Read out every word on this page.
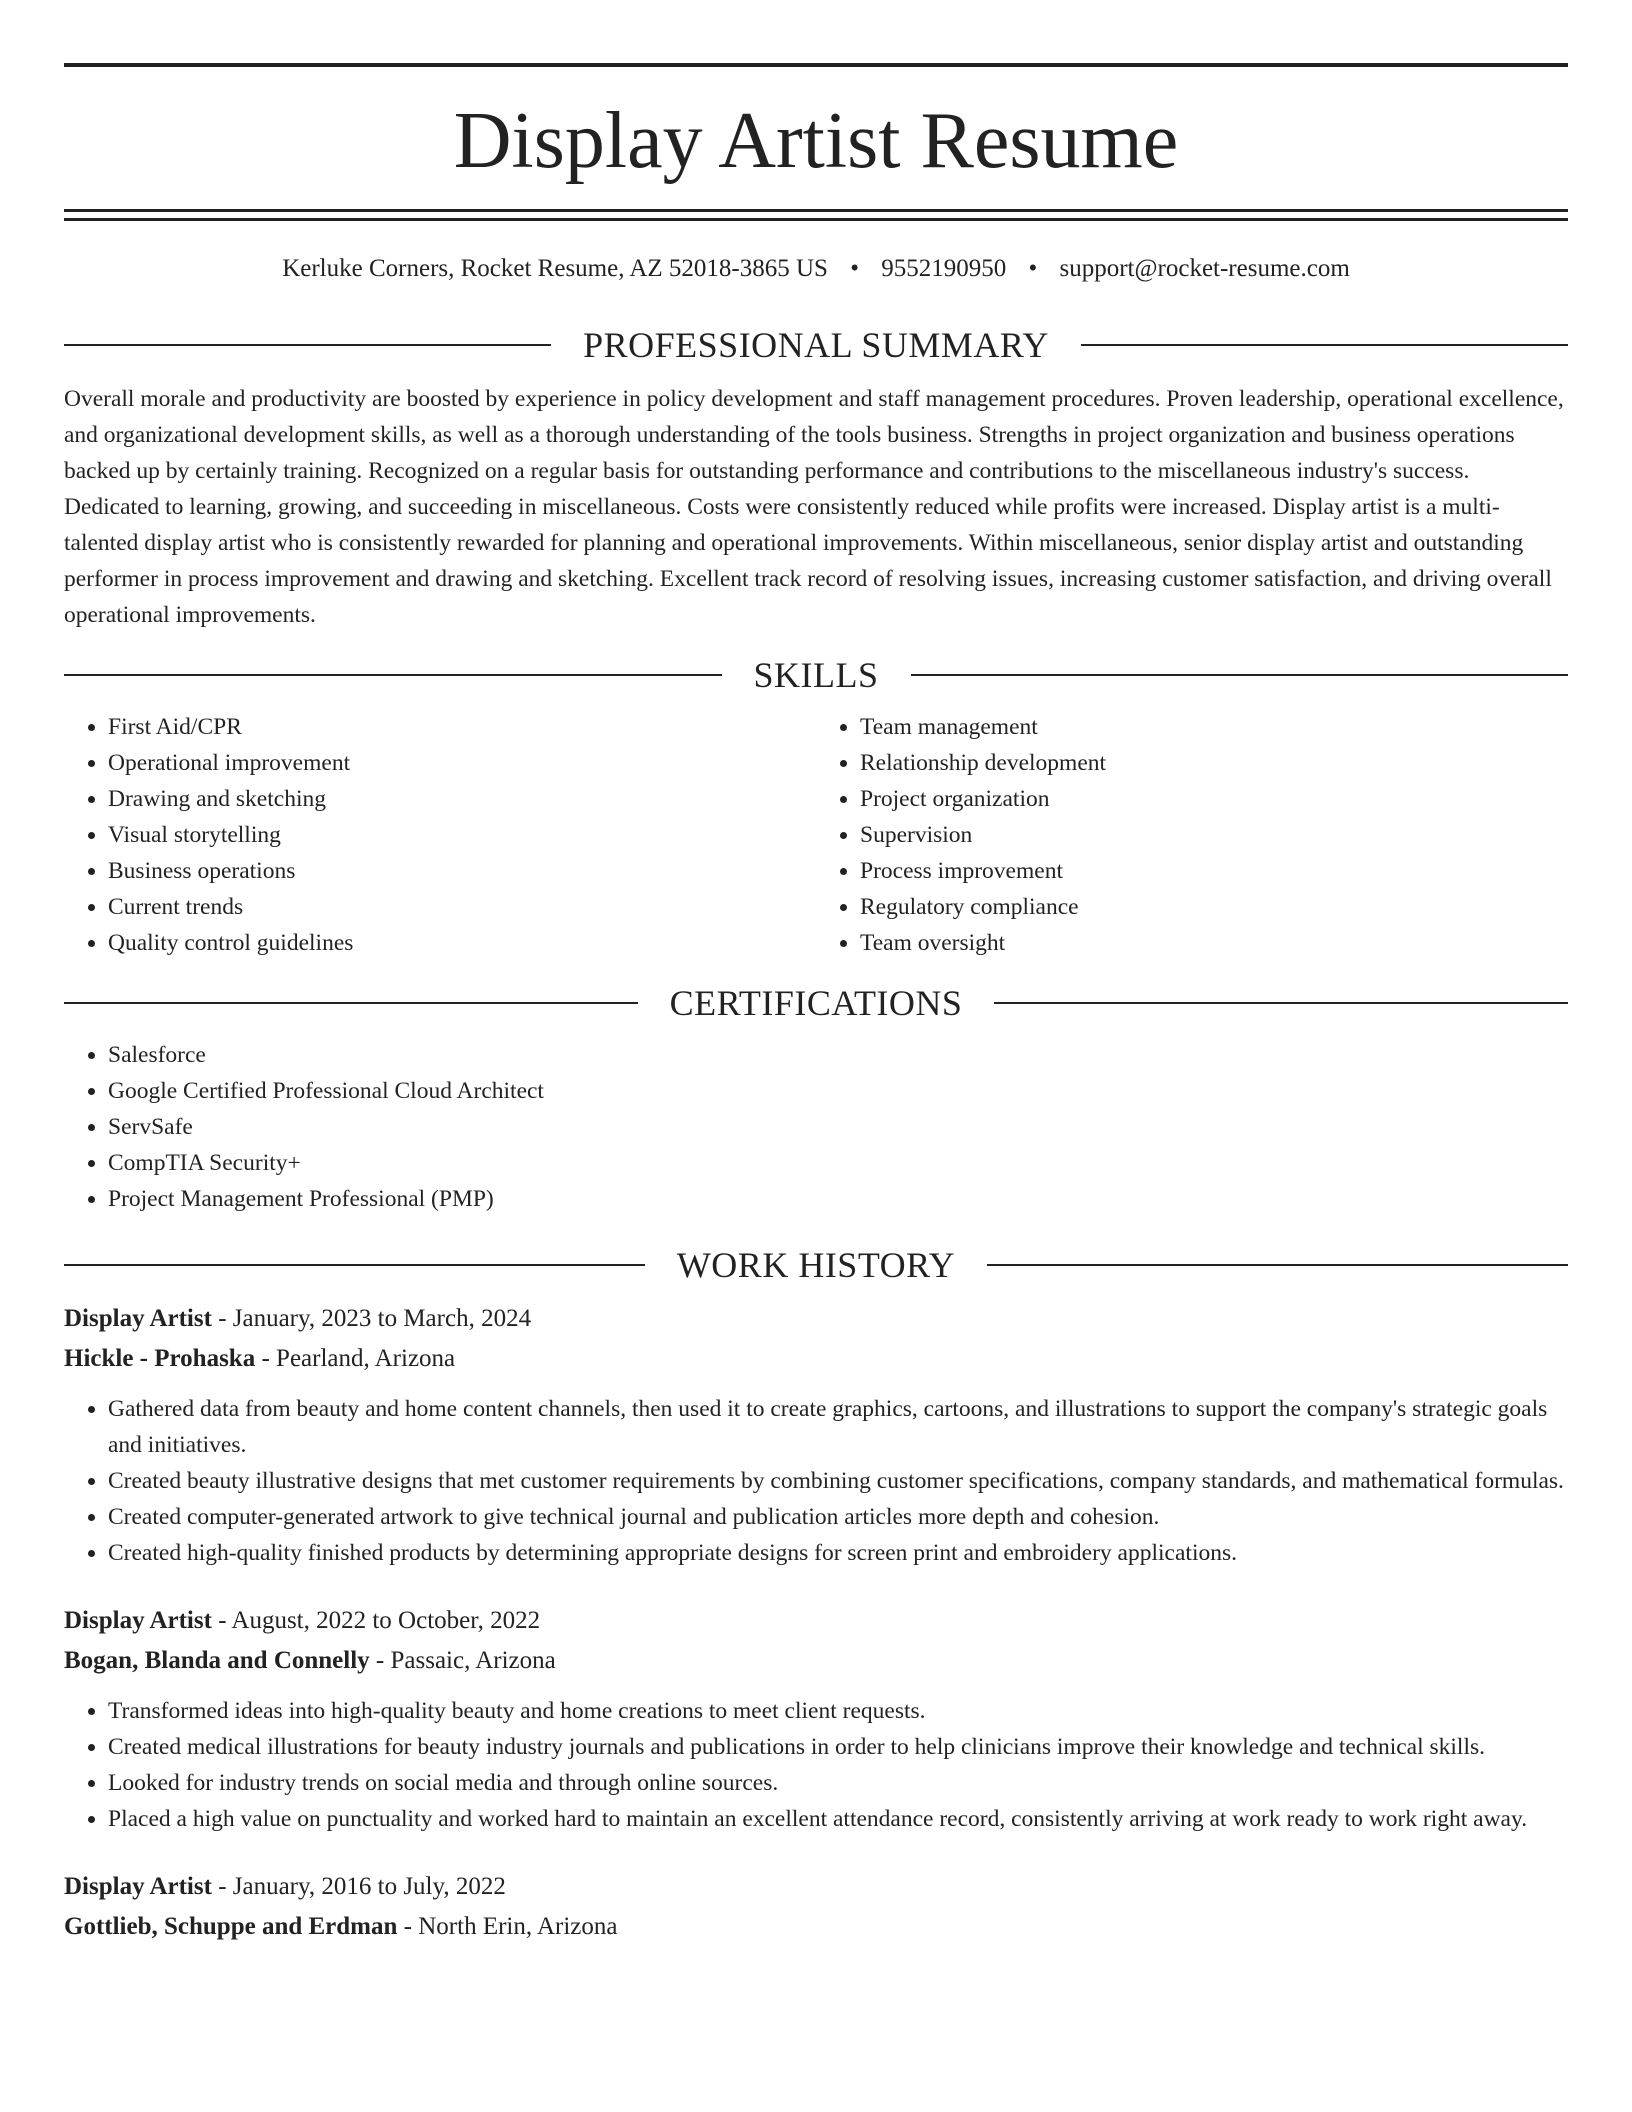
Display Artist Resume
Kerluke Corners, Rocket Resume, AZ 52018-3865 US • 9552190950 • support@rocket-resume.com
PROFESSIONAL SUMMARY
Overall morale and productivity are boosted by experience in policy development and staff management procedures. Proven leadership, operational excellence, and organizational development skills, as well as a thorough understanding of the tools business. Strengths in project organization and business operations backed up by certainly training. Recognized on a regular basis for outstanding performance and contributions to the miscellaneous industry's success. Dedicated to learning, growing, and succeeding in miscellaneous. Costs were consistently reduced while profits were increased. Display artist is a multi-talented display artist who is consistently rewarded for planning and operational improvements. Within miscellaneous, senior display artist and outstanding performer in process improvement and drawing and sketching. Excellent track record of resolving issues, increasing customer satisfaction, and driving overall operational improvements.
SKILLS
• First Aid/CPR
• Operational improvement
• Drawing and sketching
• Visual storytelling
• Business operations
• Current trends
• Quality control guidelines
• Team management
• Relationship development
• Project organization
• Supervision
• Process improvement
• Regulatory compliance
• Team oversight
CERTIFICATIONS
• Salesforce
• Google Certified Professional Cloud Architect
• ServSafe
• CompTIA Security+
• Project Management Professional (PMP)
WORK HISTORY
Display Artist - January, 2023 to March, 2024
Hickle - Prohaska - Pearland, Arizona
• Gathered data from beauty and home content channels, then used it to create graphics, cartoons, and illustrations to support the company's strategic goals and initiatives.
• Created beauty illustrative designs that met customer requirements by combining customer specifications, company standards, and mathematical formulas.
• Created computer-generated artwork to give technical journal and publication articles more depth and cohesion.
• Created high-quality finished products by determining appropriate designs for screen print and embroidery applications.
Display Artist - August, 2022 to October, 2022
Bogan, Blanda and Connelly - Passaic, Arizona
• Transformed ideas into high-quality beauty and home creations to meet client requests.
• Created medical illustrations for beauty industry journals and publications in order to help clinicians improve their knowledge and technical skills.
• Looked for industry trends on social media and through online sources.
• Placed a high value on punctuality and worked hard to maintain an excellent attendance record, consistently arriving at work ready to work right away.
Display Artist - January, 2016 to July, 2022
Gottlieb, Schuppe and Erdman - North Erin, Arizona
